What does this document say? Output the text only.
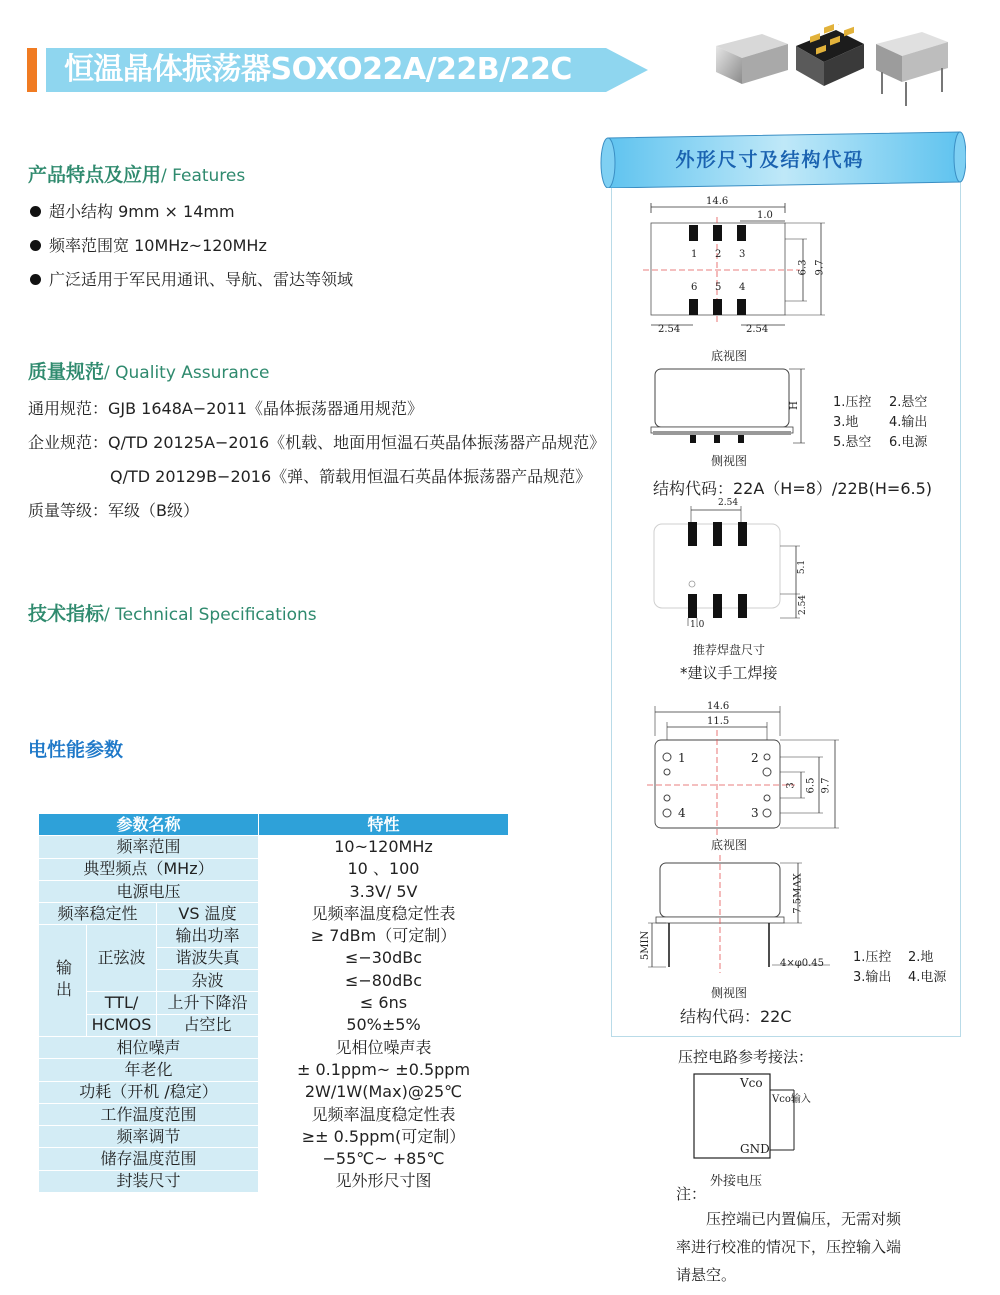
恒温晶体振荡器SOXO22A/22B/22C
产品特点及应用/ Features
超小结构 9mm × 14mm
频率范围宽 10MHz~120MHz
广泛适用于军民用通讯、导航、雷达等领域
质量规范/ Quality Assurance
通用规范：GJB 1648A−2011《晶体振荡器通用规范》
企业规范：Q/TD 20125A−2016《机载、地面用恒温石英晶体振荡器产品规范》
Q/TD 20129B−2016《弹、箭载用恒温石英晶体振荡器产品规范》
质量等级：军级（B级）
技术指标/ Technical Specifications
电性能参数
参数名称			特性
频率范围			10~120MHz
典型频点（MHz）			10 、100
电源电压			3.3V/ 5V
频率稳定性		VS 温度	见频率温度稳定性表
输出	正弦波	输出功率	≥ 7dBm（可定制）
		谐波失真	≤−30dBc
		杂波	≤−80dBc
	TTL/	上升下降沿	≤ 6ns
	HCMOS	占空比	50%±5%
相位噪声			见相位噪声表
年老化			± 0.1ppm~ ±0.5ppm
功耗（开机 /稳定）			2W/1W(Max)@25℃
工作温度范围			见频率温度稳定性表
频率调节			≥± 0.5ppm(可定制）
储存温度范围			−55℃~ +85℃
封装尺寸			见外形尺寸图
外形尺寸及结构代码
14.6
1.0
6.3 9.7
2.54	2.54
1 2 3
6 5 4
底视图
H
侧视图
1.压控 2.悬空
3.地 4.输出
5.悬空 6.电源
结构代码：22A（H=8）/22B(H=6.5)
2.54
5.1
2.54
1.0
推荐焊盘尺寸
*建议手工焊接
14.6
11.5
3 6.5 9.7
1	2
4	3
底视图
7.5MAX
5MIN
4×φ0.45
侧视图
1.压控 2.地
3.输出 4.电源
结构代码：22C
压控电路参考接法：
Vco
Vco输入
GND
外接电压
注：
压控端已内置偏压，无需对频
率进行校准的情况下，压控输入端
请悬空。
